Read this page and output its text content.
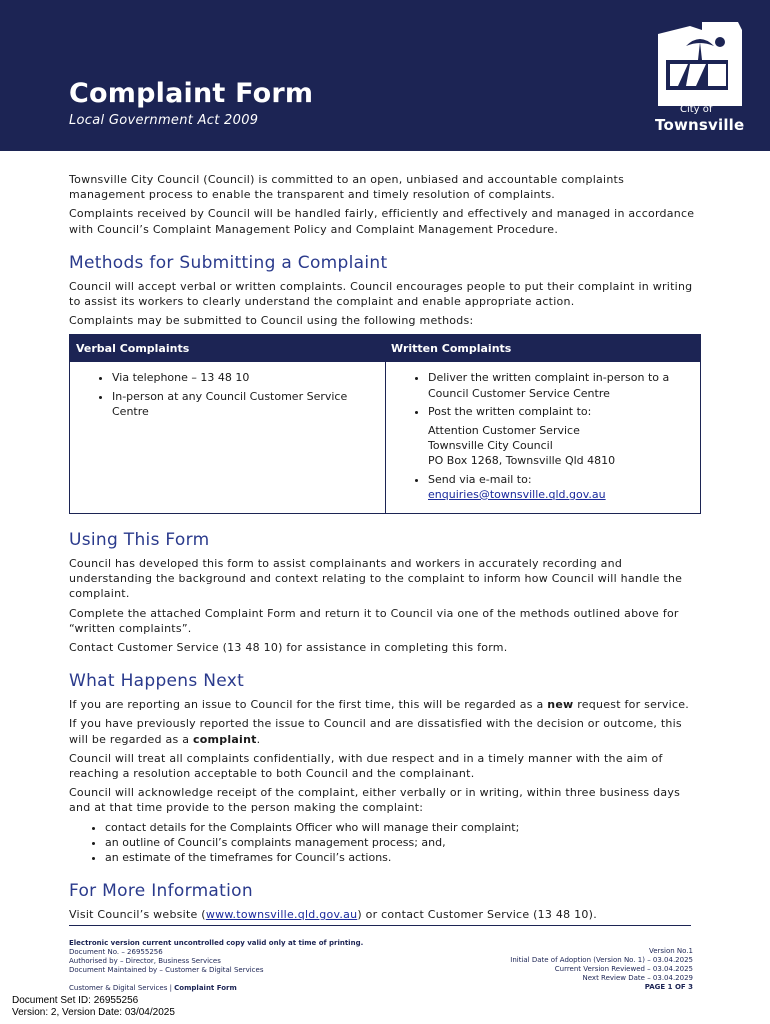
Complaint Form
Local Government Act 2009
City of
Townsville

Townsville City Council (Council) is committed to an open, unbiased and accountable complaints management process to enable the transparent and timely resolution of complaints.

Complaints received by Council will be handled fairly, efficiently and effectively and managed in accordance with Council’s Complaint Management Policy and Complaint Management Procedure.

Methods for Submitting a Complaint

Council will accept verbal or written complaints. Council encourages people to put their complaint in writing to assist its workers to clearly understand the complaint and enable appropriate action.

Complaints may be submitted to Council using the following methods:

Verbal Complaints	Written Complaints
• Via telephone – 13 48 10
• In-person at any Council Customer Service Centre
• Deliver the written complaint in-person to a Council Customer Service Centre
• Post the written complaint to:
Attention Customer Service
Townsville City Council
PO Box 1268, Townsville Qld 4810
• Send via e-mail to: enquiries@townsville.qld.gov.au
Using This Form

Council has developed this form to assist complainants and workers in accurately recording and understanding the background and context relating to the complaint to inform how Council will handle the complaint.

Complete the attached Complaint Form and return it to Council via one of the methods outlined above for “written complaints”.

Contact Customer Service (13 48 10) for assistance in completing this form.

What Happens Next

If you are reporting an issue to Council for the first time, this will be regarded as a new request for service.

If you have previously reported the issue to Council and are dissatisfied with the decision or outcome, this will be regarded as a complaint.

Council will treat all complaints confidentially, with due respect and in a timely manner with the aim of reaching a resolution acceptable to both Council and the complainant.

Council will acknowledge receipt of the complaint, either verbally or in writing, within three business days and at that time provide to the person making the complaint:

• contact details for the Complaints Officer who will manage their complaint;
• an outline of Council’s complaints management process; and,
• an estimate of the timeframes for Council’s actions.
For More Information

Visit Council’s website (www.townsville.qld.gov.au) or contact Customer Service (13 48 10).

Electronic version current uncontrolled copy valid only at time of printing.
Document No. – 26955256
Authorised by – Director, Business Services
Document Maintained by – Customer & Digital Services
Customer & Digital Services | Complaint Form
Version No.1
Initial Date of Adoption (Version No. 1) – 03.04.2025
Current Version Reviewed – 03.04.2025
Next Review Date – 03.04.2029
PAGE 1 OF 3
Document Set ID: 26955256
Version: 2, Version Date: 03/04/2025
